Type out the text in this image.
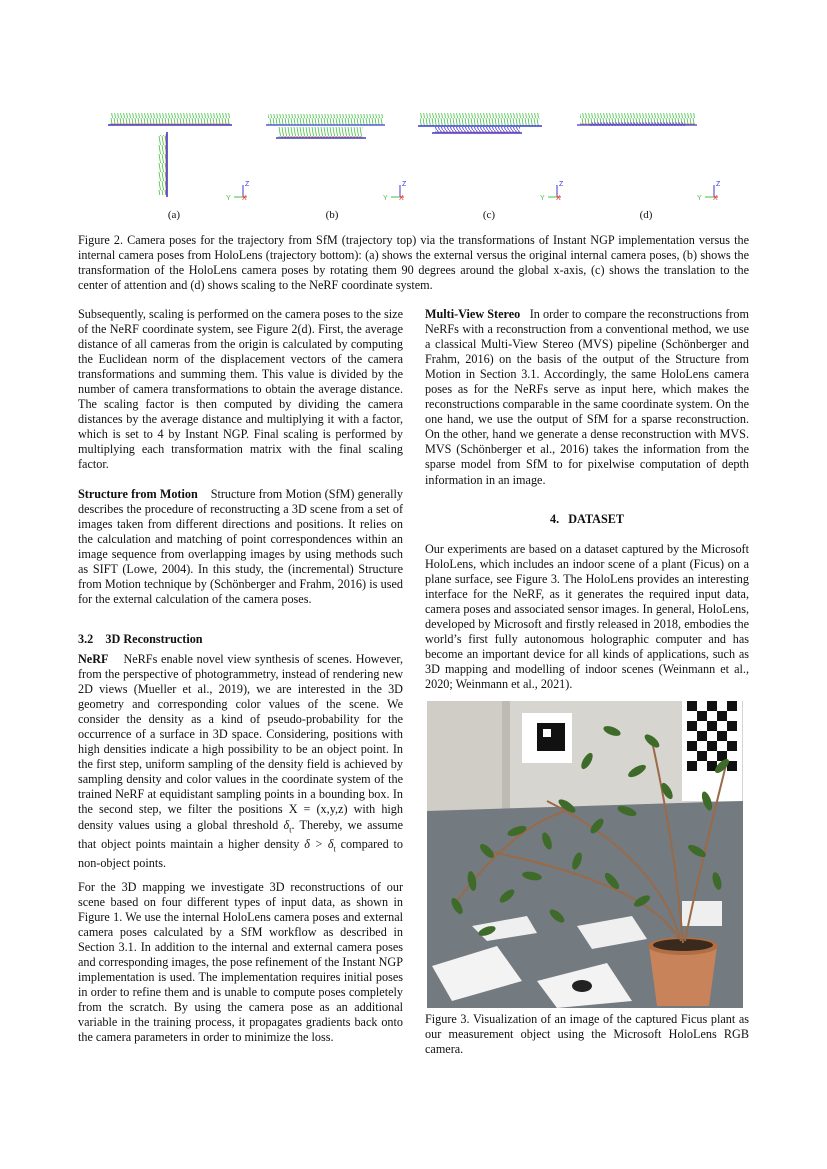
Z
Y X
Z
Y X
Z
Y X
Z
Y X
(a)	(b)	(c)	(d)
Figure 2. Camera poses for the trajectory from SfM (trajectory top) via the transformations of Instant NGP implementation versus the internal camera poses from HoloLens (trajectory bottom): (a) shows the external versus the original internal camera poses, (b) shows the transformation of the HoloLens camera poses by rotating them 90 degrees around the global x-axis, (c) shows the translation to the center of attention and (d) shows scaling to the NeRF coordinate system.

Subsequently, scaling is performed on the camera poses to the size of the NeRF coordinate system, see Figure 2(d). First, the average distance of all cameras from the origin is calculated by computing the Euclidean norm of the displacement vectors of the camera transformations and summing them. This value is divided by the number of camera transformations to obtain the average distance. The scaling factor is then computed by dividing the camera distances by the average distance and multiplying it with a factor, which is set to 4 by Instant NGP. Final scaling is performed by multiplying each transformation matrix with the final scaling factor.

Structure from Motion Structure from Motion (SfM) generally describes the procedure of reconstructing a 3D scene from a set of images taken from different directions and positions. It relies on the calculation and matching of point correspondences within an image sequence from overlapping images by using methods such as SIFT (Lowe, 2004). In this study, the (incremental) Structure from Motion technique by (Schönberger and Frahm, 2016) is used for the external calculation of the camera poses.

3.2 3D Reconstruction

NeRF NeRFs enable novel view synthesis of scenes. However, from the perspective of photogrammetry, instead of rendering new 2D views (Mueller et al., 2019), we are interested in the 3D geometry and corresponding color values of the scene. We consider the density as a kind of pseudo-probability for the occurrence of a surface in 3D space. Considering, positions with high densities indicate a high possibility to be an object point. In the first step, uniform sampling of the density field is achieved by sampling density and color values in the coordinate system of the trained NeRF at equidistant sampling points in a bounding box. In the second step, we filter the positions X = (x,y,z) with high density values using a global threshold $\delta_t$. Thereby, we assume that object points maintain a higher density $\delta > \delta_t$ compared to non-object points.

For the 3D mapping we investigate 3D reconstructions of our scene based on four different types of input data, as shown in Figure 1. We use the internal HoloLens camera poses and external camera poses calculated by a SfM workflow as described in Section 3.1. In addition to the internal and external camera poses and corresponding images, the pose refinement of the Instant NGP implementation is used. The implementation requires initial poses in order to refine them and is unable to compute poses completely from the scratch. By using the camera pose as an additional variable in the training process, it propagates gradients back onto the camera parameters in order to minimize the loss.

Multi-View Stereo In order to compare the reconstructions from NeRFs with a reconstruction from a conventional method, we use a classical Multi-View Stereo (MVS) pipeline (Schönberger and Frahm, 2016) on the basis of the output of the Structure from Motion in Section 3.1. Accordingly, the same HoloLens camera poses as for the NeRFs serve as input here, which makes the reconstructions comparable in the same coordinate system. On the one hand, we use the output of SfM for a sparse reconstruction. On the other, hand we generate a dense reconstruction with MVS. MVS (Schönberger et al., 2016) takes the information from the sparse model from SfM to for pixelwise computation of depth information in an image.

4.   DATASET

Our experiments are based on a dataset captured by the Microsoft HoloLens, which includes an indoor scene of a plant (Ficus) on a plane surface, see Figure 3. The HoloLens provides an interesting interface for the NeRF, as it generates the required input data, camera poses and associated sensor images. In general, HoloLens, developed by Microsoft and firstly released in 2018, embodies the world’s first fully autonomous holographic computer and has become an important device for all kinds of applications, such as 3D mapping and modelling of indoor scenes (Weinmann et al., 2020; Weinmann et al., 2021).

Figure 3. Visualization of an image of the captured Ficus plant as our measurement object using the Microsoft HoloLens RGB camera.
